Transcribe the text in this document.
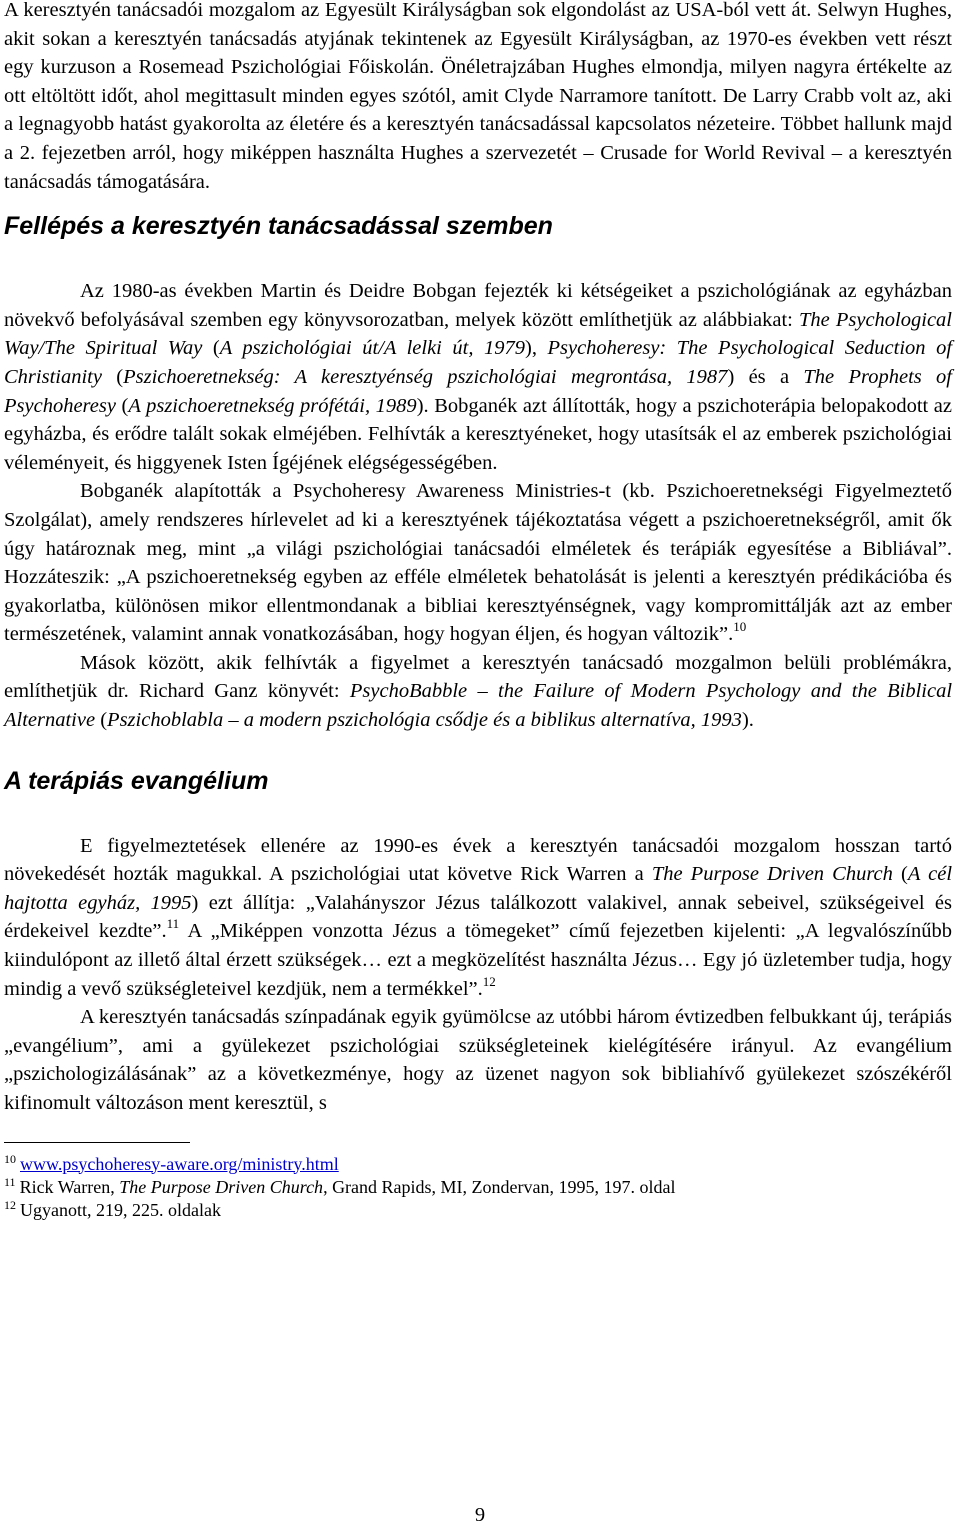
A keresztyén tanácsadói mozgalom az Egyesült Királyságban sok elgondolást az USA-ból vett át. Selwyn Hughes, akit sokan a keresztyén tanácsadás atyjának tekintenek az Egyesült Királyságban, az 1970-es években vett részt egy kurzuson a Rosemead Pszichológiai Főiskolán. Önéletrajzában Hughes elmondja, milyen nagyra értékelte az ott eltöltött időt, ahol megittasult minden egyes szótól, amit Clyde Narramore tanított. De Larry Crabb volt az, aki a legnagyobb hatást gyakorolta az életére és a keresztyén tanácsadással kapcsolatos nézeteire. Többet hallunk majd a 2. fejezetben arról, hogy miképpen használta Hughes a szervezetét – Crusade for World Revival – a keresztyén tanácsadás támogatására.

Fellépés a keresztyén tanácsadással szemben

Az 1980-as években Martin és Deidre Bobgan fejezték ki kétségeiket a pszichológiának az egyházban növekvő befolyásával szemben egy könyvsorozatban, melyek között említhetjük az alábbiakat: The Psychological Way/The Spiritual Way (A pszichológiai út/A lelki út, 1979), Psychoheresy: The Psychological Seduction of Christianity (Pszichoeretnekség: A keresztyénség pszichológiai megrontása, 1987) és a The Prophets of Psychoheresy (A pszichoeretnekség prófétái, 1989). Bobganék azt állították, hogy a pszichoterápia belopakodott az egyházba, és erődre talált sokak elméjében. Felhívták a keresztyéneket, hogy utasítsák el az emberek pszichológiai véleményeit, és higgyenek Isten Ígéjének elégségességében.

Bobganék alapították a Psychoheresy Awareness Ministries-t (kb. Pszichoeretnekségi Figyelmeztető Szolgálat), amely rendszeres hírlevelet ad ki a keresztyének tájékoztatása végett a pszichoeretnekségről, amit ők úgy határoznak meg, mint „a világi pszichológiai tanácsadói elméletek és terápiák egyesítése a Bibliával”. Hozzáteszik: „A pszichoeretnekség egyben az efféle elméletek behatolását is jelenti a keresztyén prédikációba és gyakorlatba, különösen mikor ellentmondanak a bibliai keresztyénségnek, vagy kompromittálják azt az ember természetének, valamint annak vonatkozásában, hogy hogyan éljen, és hogyan változik”.$^{10}$

Mások között, akik felhívták a figyelmet a keresztyén tanácsadó mozgalmon belüli problémákra, említhetjük dr. Richard Ganz könyvét: PsychoBabble – the Failure of Modern Psychology and the Biblical Alternative (Pszichoblabla – a modern pszichológia csődje és a biblikus alternatíva, 1993).

A terápiás evangélium

E figyelmeztetések ellenére az 1990-es évek a keresztyén tanácsadói mozgalom hosszan tartó növekedését hozták magukkal. A pszichológiai utat követve Rick Warren a The Purpose Driven Church (A cél hajtotta egyház, 1995) ezt állítja: „Valahányszor Jézus találkozott valakivel, annak sebeivel, szükségeivel és érdekeivel kezdte”.$^{11}$ A „Miképpen vonzotta Jézus a tömegeket” című fejezetben kijelenti: „A legvalószínűbb kiindulópont az illető által érzett szükségek… ezt a megközelítést használta Jézus… Egy jó üzletember tudja, hogy mindig a vevő szükségleteivel kezdjük, nem a termékkel”.$^{12}$

A keresztyén tanácsadás színpadának egyik gyümölcse az utóbbi három évtizedben felbukkant új, terápiás „evangélium”, ami a gyülekezet pszichológiai szükségleteinek kielégítésére irányul. Az evangélium „pszichologizálásának” az a következménye, hogy az üzenet nagyon sok bibliahívő gyülekezet szószékéről kifinomult változáson ment keresztül, s

$^{10}$ www.psychoheresy-aware.org/ministry.html
$^{11}$ Rick Warren, The Purpose Driven Church, Grand Rapids, MI, Zondervan, 1995, 197. oldal
$^{12}$ Ugyanott, 219, 225. oldalak
9
